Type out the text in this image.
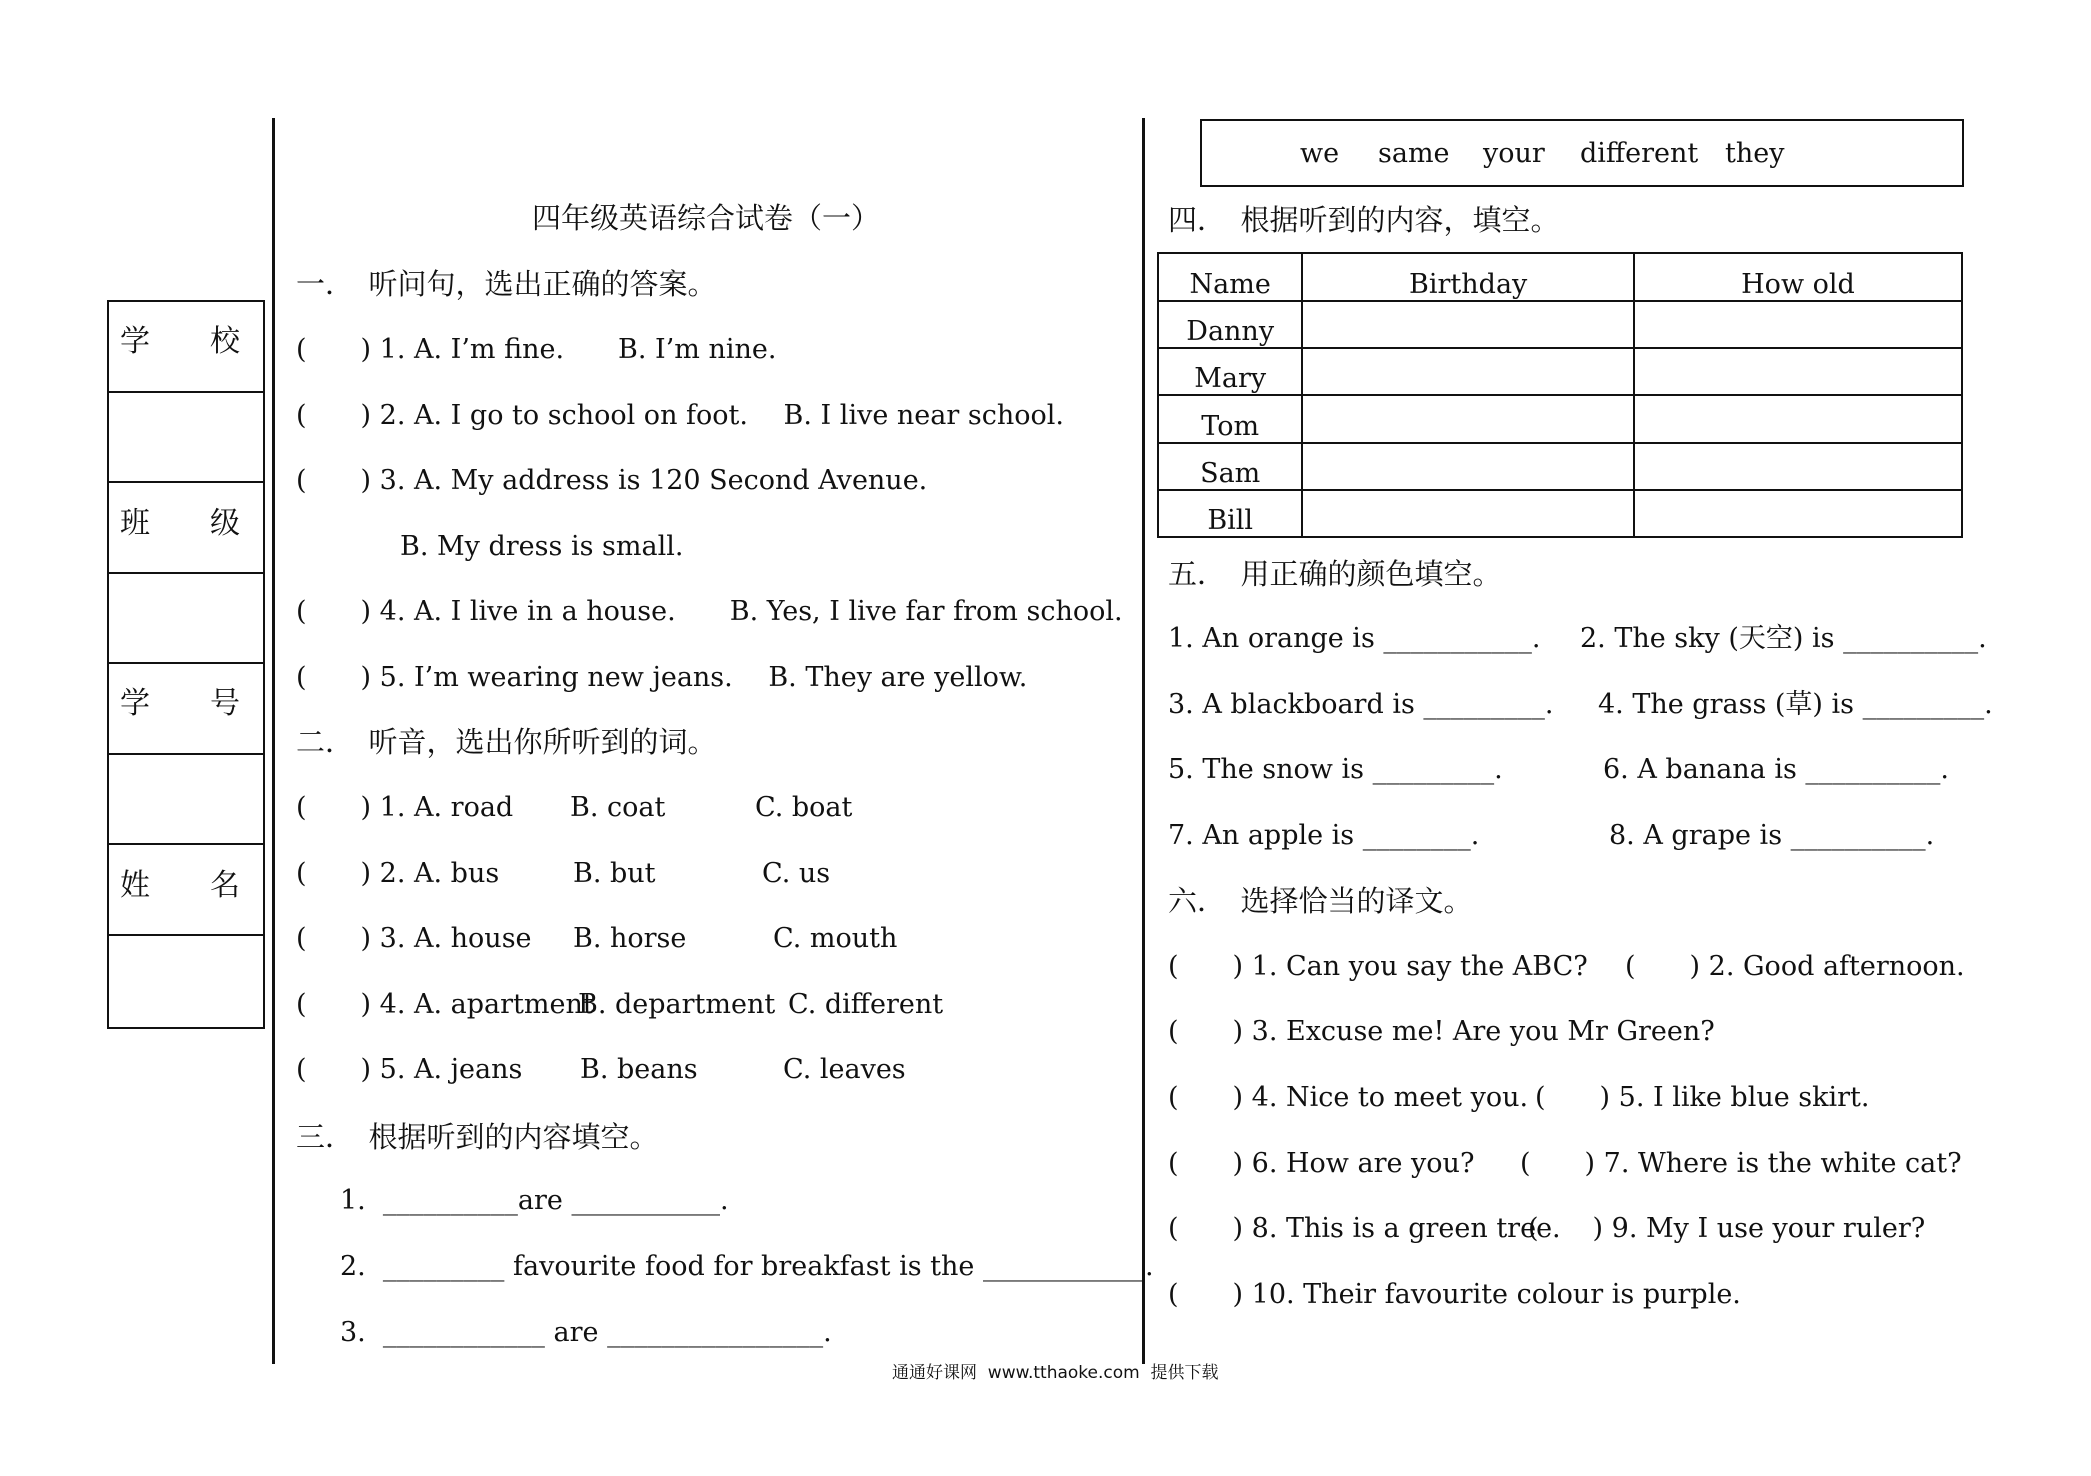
学　　校
班　　级
学　　号
姓　　名
四年级英语综合试卷（一）
一．　听问句，选出正确的答案。
(　　) 1. A. I’m fine.　　B. I’m nine.
(　　) 2. A. I go to school on foot.　 B. I live near school.
(　　) 3. A. My address is 120 Second Avenue.
B. My dress is small.
(　　) 4. A. I live in a house.　　B. Yes, I live far from school.
(　　) 5. I’m wearing new jeans.　 B. They are yellow.
二．　听音，选出你所听到的词。
(　　) 1. A. road B. coat	C. boat
(　　) 2. A. bus	B. but	C. us
(　　) 3. A. house B. horse	C. mouth
(　　) 4. A. apartment
B. department C. different
(　　) 5. A. jeans B. beans	C. leaves
三．　根据听到的内容填空。
1.  __________are ___________.
2.  _________ favourite food for breakfast is the ____________.
3.  ____________ are ________________.
we same your different they
四．　根据听到的内容，填空。
Name	Birthday	How old
Danny		
Mary		
Tom		
Sam		
Bill		
五．　用正确的颜色填空。
1. An orange is ___________. 2. The sky (天空) is __________.
3. A blackboard is _________. 4. The grass (草) is _________.
5. The snow is _________.	6. A banana is __________.
7. An apple is ________.	8. A grape is __________.
六．　选择恰当的译文。
(　　) 1. Can you say the ABC? (　　) 2. Good afternoon.
(　　) 3. Excuse me! Are you Mr Green?
(　　) 4. Nice to meet you. (　　) 5. I like blue skirt.
(　　) 6. How are you? (　　) 7. Where is the white cat?
(　　) 8. This is a green tree.
(　　) 9. My I use your ruler?
(　　) 10. Their favourite colour is purple.
通通好课网  www.tthaoke.com  提供下载
